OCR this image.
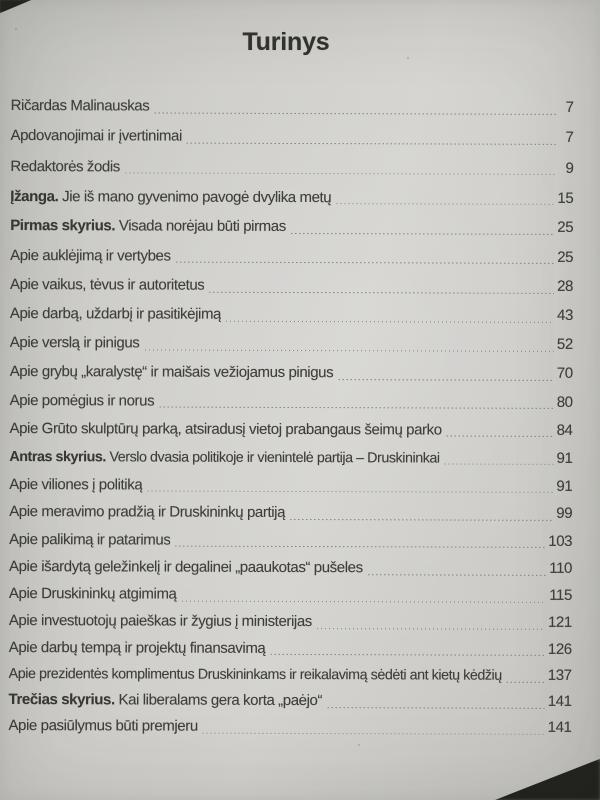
Turinys
Ričardas Malinauskas	7
Apdovanojimai ir įvertinimai	7
Redaktorės žodis	9
Įžanga. Jie iš mano gyvenimo pavogė dvylika metų	15
Pirmas skyrius. Visada norėjau būti pirmas	25
Apie auklėjimą ir vertybes	25
Apie vaikus, tėvus ir autoritetus	28
Apie darbą, uždarbį ir pasitikėjimą	43
Apie verslą ir pinigus	52
Apie grybų „karalystę“ ir maišais vežiojamus pinigus	70
Apie pomėgius ir norus	80
Apie Grūto skulptūrų parką, atsiradusį vietoj prabangaus šeimų parko	84
Antras skyrius. Verslo dvasia politikoje ir vienintelė partija – Druskininkai	91
Apie viliones į politiką	91
Apie meravimo pradžią ir Druskininkų partiją	99
Apie palikimą ir patarimus	103
Apie išardytą geležinkelį ir degalinei „paaukotas“ pušeles	110
Apie Druskininkų atgimimą	115
Apie investuotojų paieškas ir žygius į ministerijas	121
Apie darbų tempą ir projektų finansavimą	126
Apie prezidentės komplimentus Druskininkams ir reikalavimą sėdėti ant kietų kėdžių	137
Trečias skyrius. Kai liberalams gera korta „paėjo“	141
Apie pasiūlymus būti premjeru	141
